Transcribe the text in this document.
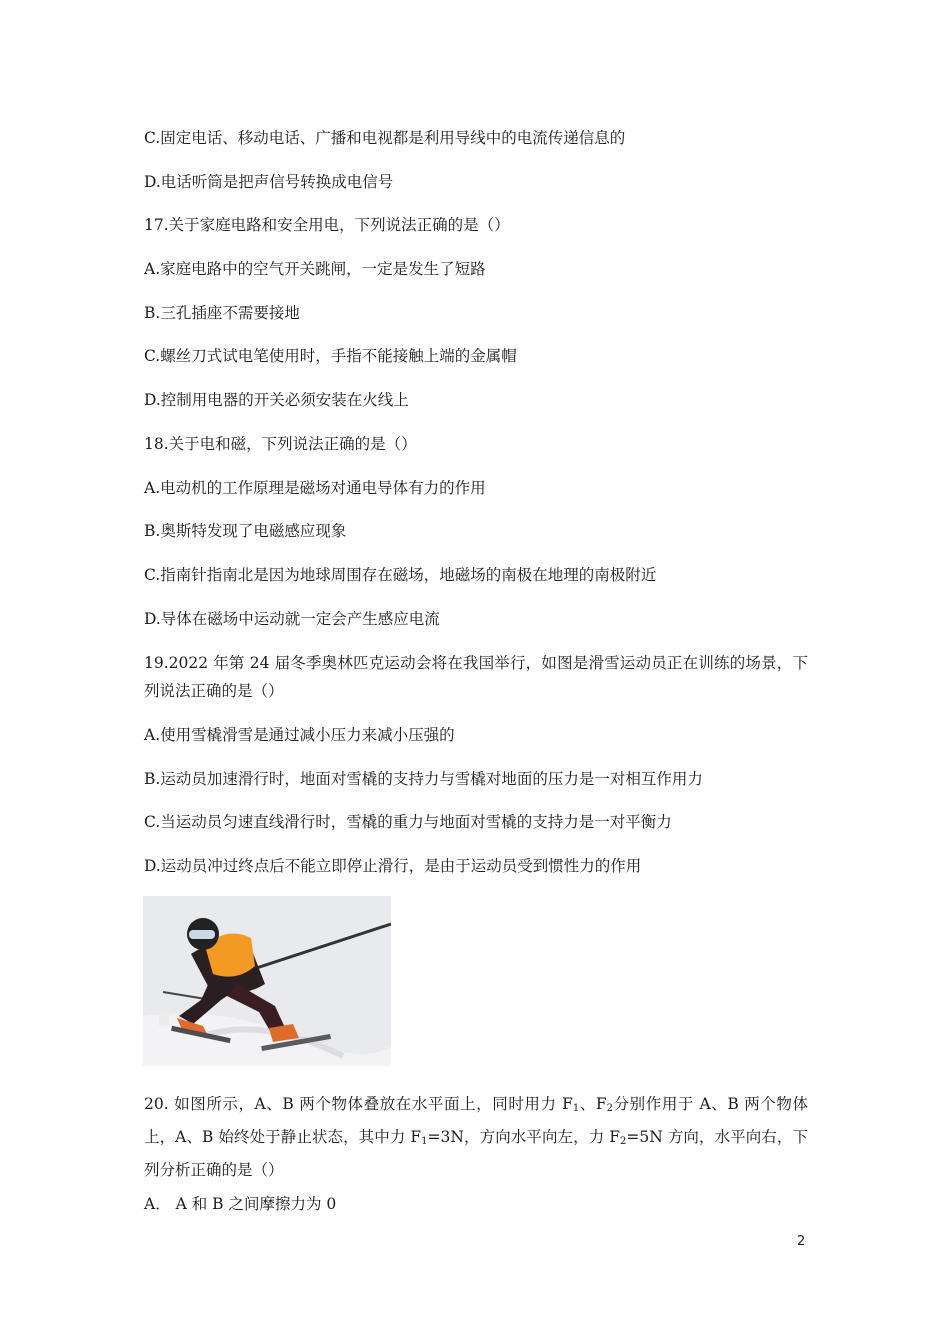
C.固定电话、移动电话、广播和电视都是利用导线中的电流传递信息的
D.电话听筒是把声信号转换成电信号
17.关于家庭电路和安全用电，下列说法正确的是（）
A.家庭电路中的空气开关跳闸，一定是发生了短路
B.三孔插座不需要接地
C.螺丝刀式试电笔使用时，手指不能接触上端的金属帽
D.控制用电器的开关必须安装在火线上
18.关于电和磁，下列说法正确的是（）
A.电动机的工作原理是磁场对通电导体有力的作用
B.奥斯特发现了电磁感应现象
C.指南针指南北是因为地球周围存在磁场，地磁场的南极在地理的南极附近
D.导体在磁场中运动就一定会产生感应电流
19.2022 年第 24 届冬季奥林匹克运动会将在我国举行，如图是滑雪运动员正在训练的场景，下列说法正确的是（）
A.使用雪橇滑雪是通过减小压力来减小压强的
B.运动员加速滑行时，地面对雪橇的支持力与雪橇对地面的压力是一对相互作用力
C.当运动员匀速直线滑行时，雪橇的重力与地面对雪橇的支持力是一对平衡力
D.运动员冲过终点后不能立即停止滑行，是由于运动员受到惯性力的作用
20. 如图所示，A、B 两个物体叠放在水平面上，同时用力 $F_1$、$F_2$分别作用于 A、B 两个物体上，A、B 始终处于静止状态，其中力 $F_1=3N$，方向水平向左，力 $F_2=5N$ 方向，水平向右，下列分析正确的是（）
A． A 和 B 之间摩擦力为 0
2
